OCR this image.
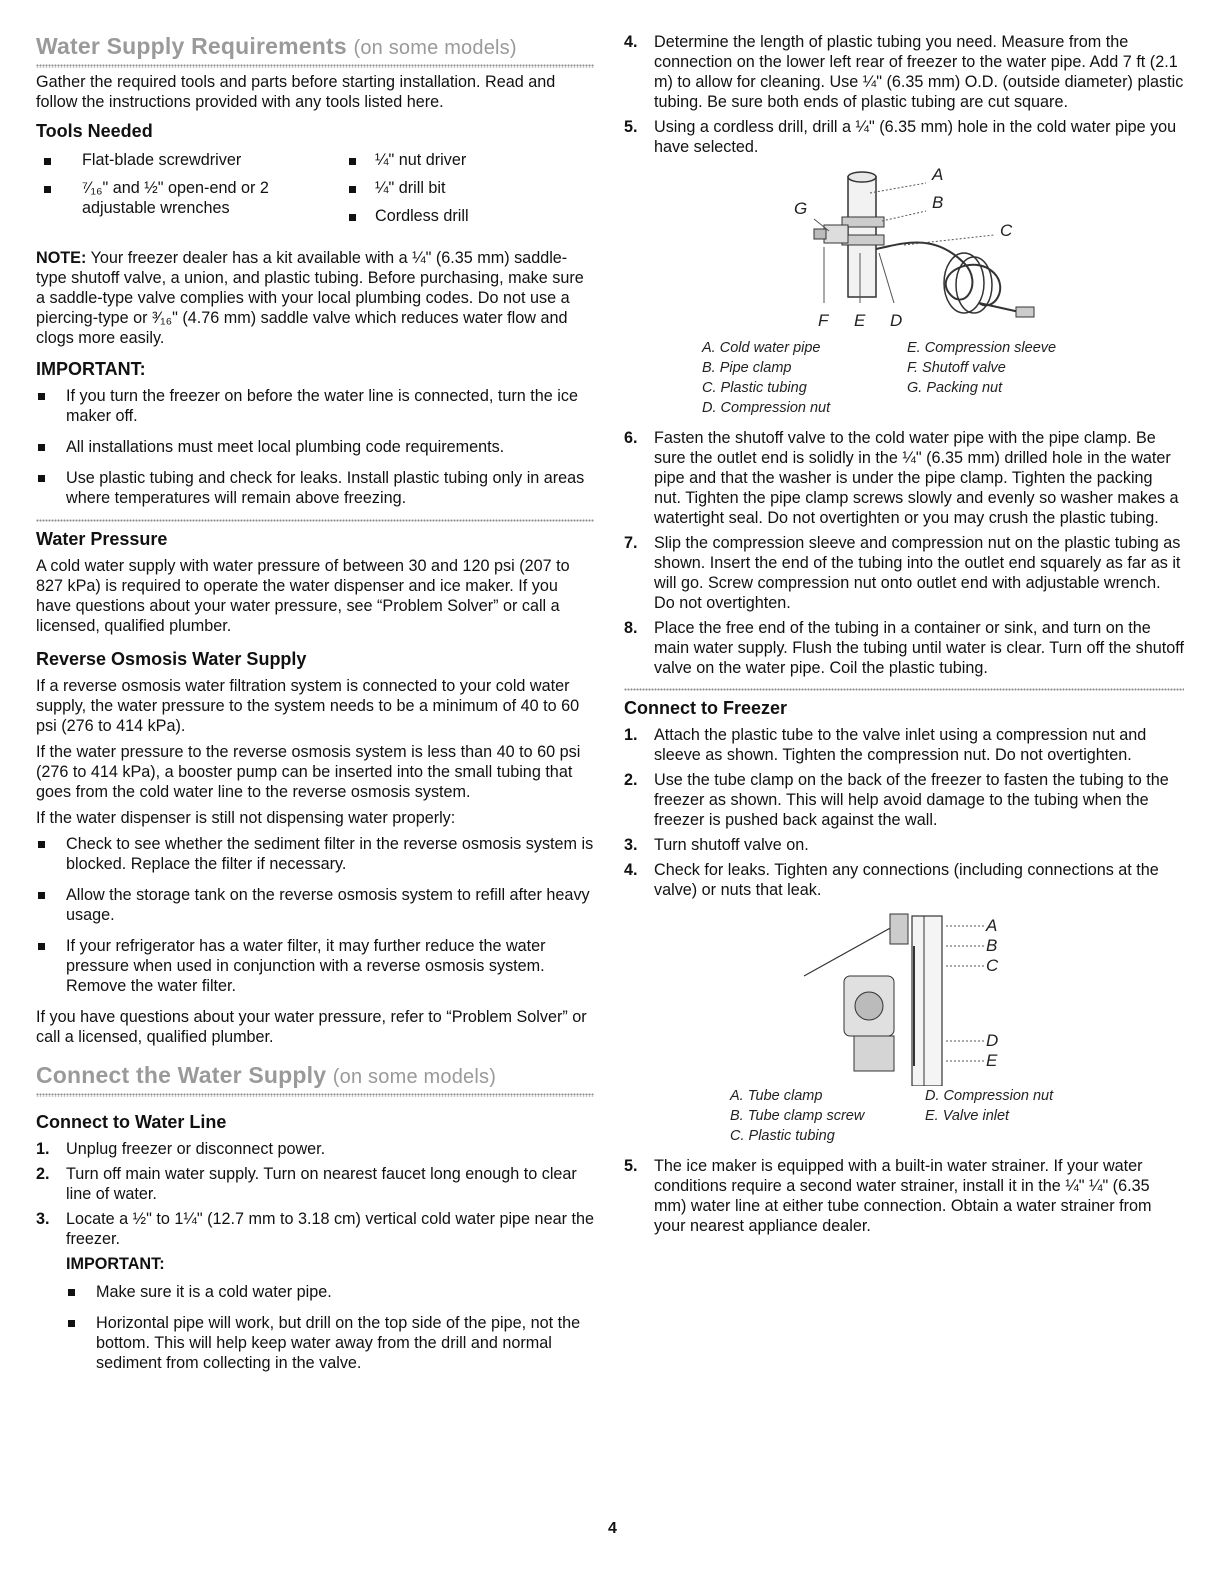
Water Supply Requirements (on some models)

Gather the required tools and parts before starting installation. Read and follow the instructions provided with any tools listed here.

Tools Needed
Flat-blade screwdriver
⁷⁄₁₆" and ½" open-end or 2 adjustable wrenches
¼" nut driver
¼" drill bit
Cordless drill

NOTE: Your freezer dealer has a kit available with a ¼" (6.35 mm) saddle-type shutoff valve, a union, and plastic tubing. Before purchasing, make sure a saddle-type valve complies with your local plumbing codes. Do not use a piercing-type or ³⁄₁₆" (4.76 mm) saddle valve which reduces water flow and clogs more easily.

IMPORTANT:
If you turn the freezer on before the water line is connected, turn the ice maker off.
All installations must meet local plumbing code requirements.
Use plastic tubing and check for leaks. Install plastic tubing only in areas where temperatures will remain above freezing.
Water Pressure

A cold water supply with water pressure of between 30 and 120 psi (207 to 827 kPa) is required to operate the water dispenser and ice maker. If you have questions about your water pressure, see “Problem Solver” or call a licensed, qualified plumber.

Reverse Osmosis Water Supply

If a reverse osmosis water filtration system is connected to your cold water supply, the water pressure to the system needs to be a minimum of 40 to 60 psi (276 to 414 kPa).

If the water pressure to the reverse osmosis system is less than 40 to 60 psi (276 to 414 kPa), a booster pump can be inserted into the small tubing that goes from the cold water line to the reverse osmosis system.

If the water dispenser is still not dispensing water properly:

Check to see whether the sediment filter in the reverse osmosis system is blocked. Replace the filter if necessary.
Allow the storage tank on the reverse osmosis system to refill after heavy usage.
If your refrigerator has a water filter, it may further reduce the water pressure when used in conjunction with a reverse osmosis system. Remove the water filter.

If you have questions about your water pressure, refer to “Problem Solver” or call a licensed, qualified plumber.

Connect the Water Supply (on some models)
Connect to Water Line
1. Unplug freezer or disconnect power.
2. Turn off main water supply. Turn on nearest faucet long enough to clear line of water.
3. Locate a ½" to 1¼" (12.7 mm to 3.18 cm) vertical cold water pipe near the freezer.
IMPORTANT:
Make sure it is a cold water pipe.
Horizontal pipe will work, but drill on the top side of the pipe, not the bottom. This will help keep water away from the drill and normal sediment from collecting in the valve.
4. Determine the length of plastic tubing you need. Measure from the connection on the lower left rear of freezer to the water pipe. Add 7 ft (2.1 m) to allow for cleaning. Use ¼" (6.35 mm) O.D. (outside diameter) plastic tubing. Be sure both ends of plastic tubing are cut square.
5. Using a cordless drill, drill a ¼" (6.35 mm) hole in the cold water pipe you have selected.
A
B
C
G
F E D
A. Cold water pipe
B. Pipe clamp
C. Plastic tubing
D. Compression nut
E. Compression sleeve
F. Shutoff valve
G. Packing nut
6. Fasten the shutoff valve to the cold water pipe with the pipe clamp. Be sure the outlet end is solidly in the ¼" (6.35 mm) drilled hole in the water pipe and that the washer is under the pipe clamp. Tighten the packing nut. Tighten the pipe clamp screws slowly and evenly so washer makes a watertight seal. Do not overtighten or you may crush the plastic tubing.
7. Slip the compression sleeve and compression nut on the plastic tubing as shown. Insert the end of the tubing into the outlet end squarely as far as it will go. Screw compression nut onto outlet end with adjustable wrench. Do not overtighten.
8. Place the free end of the tubing in a container or sink, and turn on the main water supply. Flush the tubing until water is clear. Turn off the shutoff valve on the water pipe. Coil the plastic tubing.
Connect to Freezer
1. Attach the plastic tube to the valve inlet using a compression nut and sleeve as shown. Tighten the compression nut. Do not overtighten.
2. Use the tube clamp on the back of the freezer to fasten the tubing to the freezer as shown. This will help avoid damage to the tubing when the freezer is pushed back against the wall.
3. Turn shutoff valve on.
4. Check for leaks. Tighten any connections (including connections at the valve) or nuts that leak.
A
B
C
D
E
A. Tube clamp
B. Tube clamp screw
C. Plastic tubing
D. Compression nut
E. Valve inlet
5. The ice maker is equipped with a built-in water strainer. If your water conditions require a second water strainer, install it in the ¼" ¼" (6.35 mm) water line at either tube connection. Obtain a water strainer from your nearest appliance dealer.
4
